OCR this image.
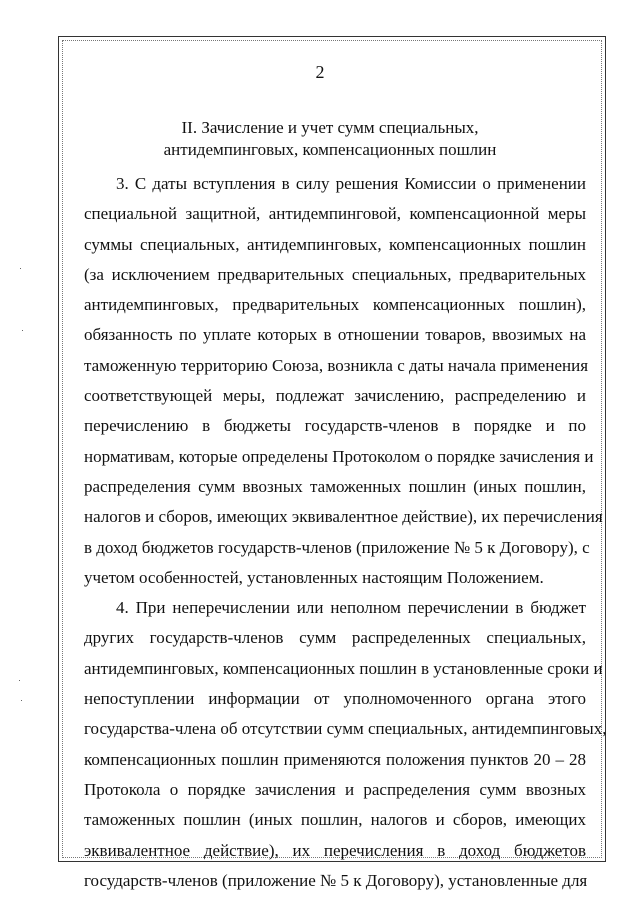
2
II. Зачисление и учет сумм специальных,
антидемпинговых, компенсационных пошлин
3. С даты вступления в силу решения Комиссии о применении
специальной защитной, антидемпинговой, компенсационной меры
суммы специальных, антидемпинговых, компенсационных пошлин
(за исключением предварительных специальных, предварительных
антидемпинговых, предварительных компенсационных пошлин),
обязанность по уплате которых в отношении товаров, ввозимых на
таможенную территорию Союза, возникла с даты начала применения
соответствующей меры, подлежат зачислению, распределению и
перечислению в бюджеты государств-членов в порядке и по
нормативам, которые определены Протоколом о порядке зачисления и
распределения сумм ввозных таможенных пошлин (иных пошлин,
налогов и сборов, имеющих эквивалентное действие), их перечисления
в доход бюджетов государств-членов (приложение № 5 к Договору), с
учетом особенностей, установленных настоящим Положением.
4. При неперечислении или неполном перечислении в бюджет
других государств-членов сумм распределенных специальных,
антидемпинговых, компенсационных пошлин в установленные сроки и
непоступлении информации от уполномоченного органа этого
государства-члена об отсутствии сумм специальных, антидемпинговых,
компенсационных пошлин применяются положения пунктов 20 – 28
Протокола о порядке зачисления и распределения сумм ввозных
таможенных пошлин (иных пошлин, налогов и сборов, имеющих
эквивалентное действие), их перечисления в доход бюджетов
государств-членов (приложение № 5 к Договору), установленные для
